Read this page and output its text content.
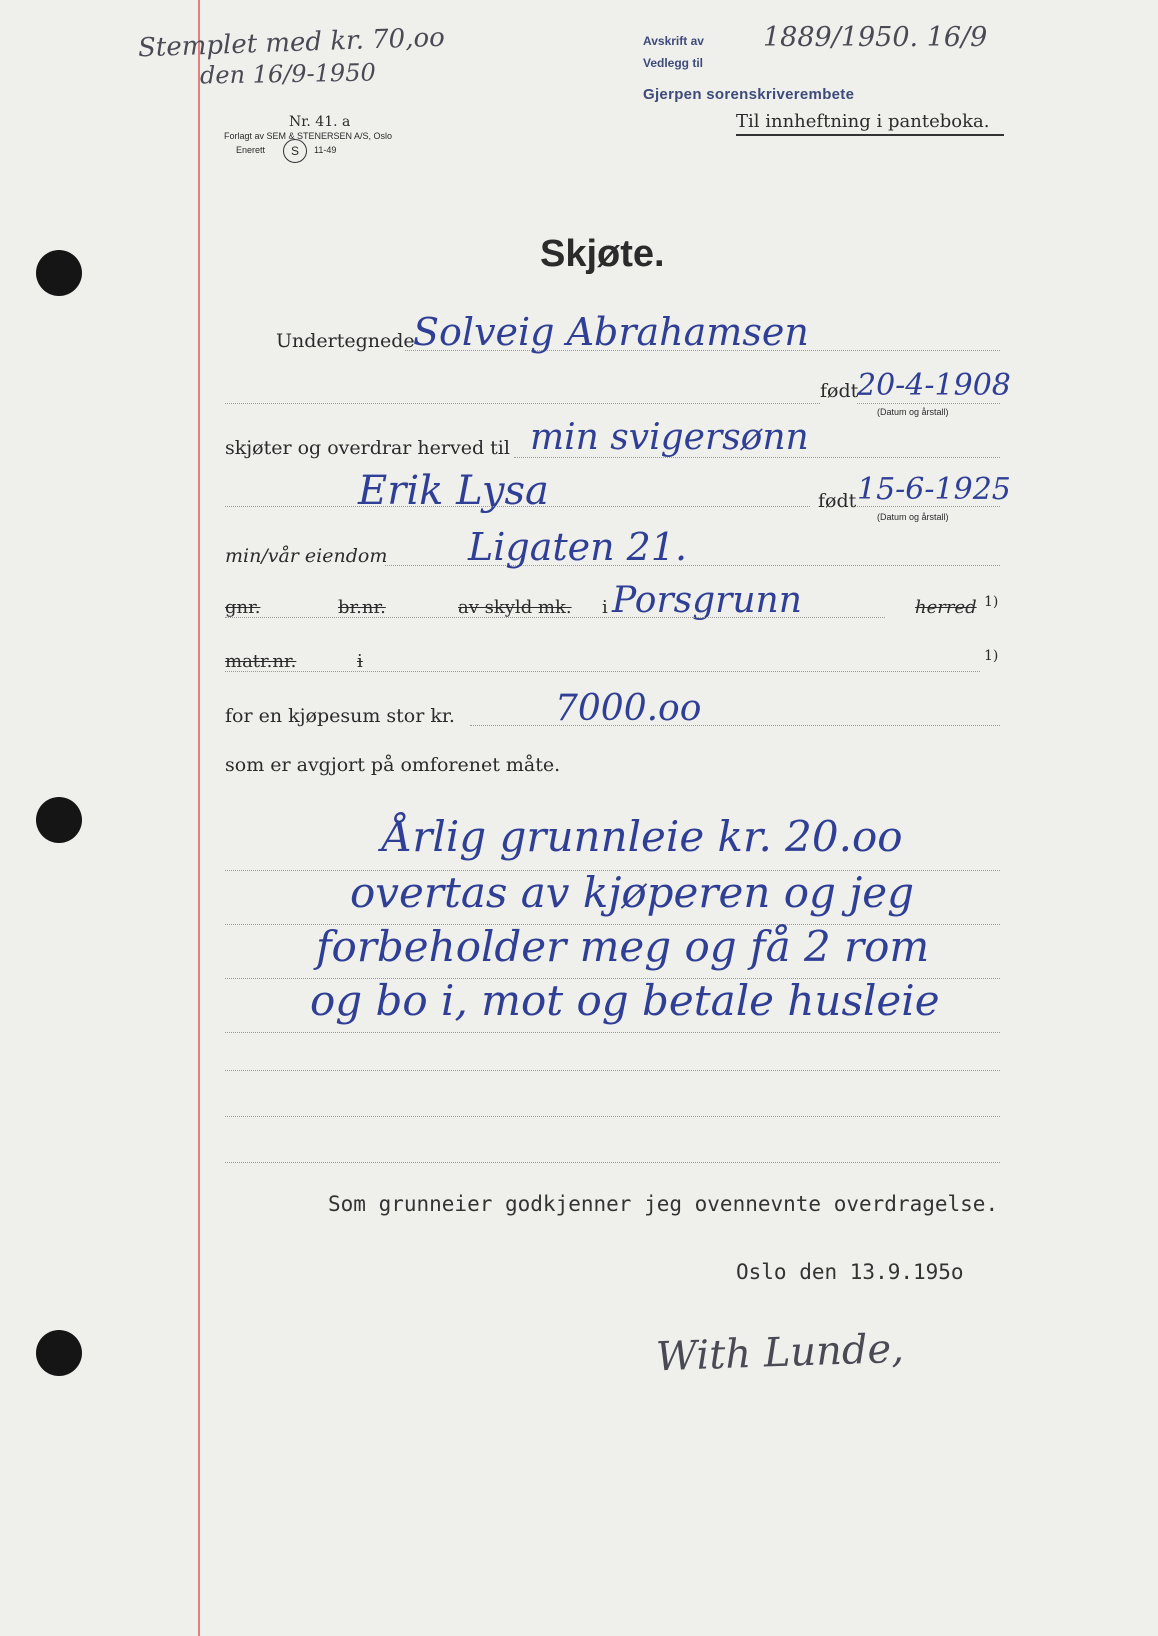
Stemplet med kr. 70,oo
den 16/9-1950
Avskrift av 1889/1950. 16/9
Vedlegg til
Gjerpen sorenskriverembete
Til innheftning i panteboka.
Nr. 41. a
Forlagt av SEM & STENERSEN A/S, Oslo
Enerett	S	11-49
Skjøte.
Undertegnede
Solveig Abrahamsen
født
20-4-1908
(Datum og årstall)
skjøter og overdrar herved til min svigersønn
Erik Lysa	født 15-6-1925
(Datum og årstall)
min/vår eiendom Ligaten 21.
gnr.	br.nr.	av skyld mk. i Porsgrunn	herred 1)
matr.nr.	i	1)
for en kjøpesum stor kr.	7000.oo
som er avgjort på omforenet måte.
Årlig grunnleie kr. 20.oo
overtas av kjøperen og jeg
forbeholder meg og få 2 rom
og bo i, mot og betale husleie
Som grunneier godkjenner jeg ovennevnte overdragelse.
Oslo den 13.9.195o
With Lunde,
